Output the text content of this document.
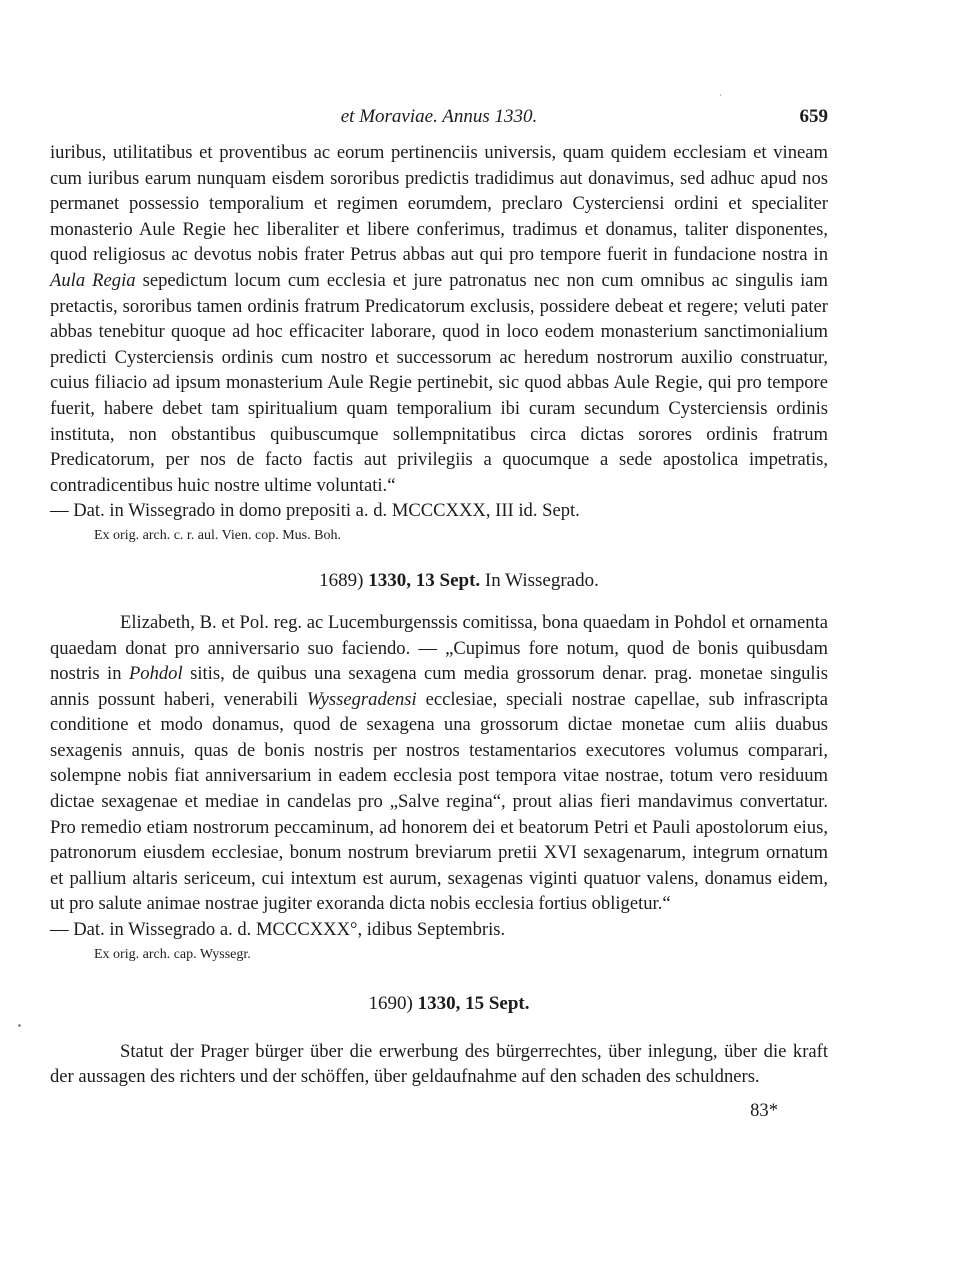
·
▪
et Moraviae. Annus 1330.	659

iuribus, utilitatibus et proventibus ac eorum pertinenciis universis, quam quidem ecclesiam et vineam cum iuribus earum nunquam eisdem sororibus predictis tradidimus aut donavimus, sed adhuc apud nos permanet possessio temporalium et regimen eorumdem, preclaro Cysterciensi ordini et specialiter monasterio Aule Regie hec liberaliter et libere conferimus, tradimus et donamus, taliter disponentes, quod religiosus ac devotus nobis frater Petrus abbas aut qui pro tempore fuerit in fundacione nostra in Aula Regia sepedictum locum cum ecclesia et jure patronatus nec non cum omnibus ac singulis iam pretactis, sororibus tamen ordinis fratrum Predicatorum exclusis, possidere debeat et regere; veluti pater abbas tenebitur quoque ad hoc efficaciter laborare, quod in loco eodem monasterium sanctimonialium predicti Cysterciensis ordinis cum nostro et successorum ac heredum nostrorum auxilio construatur, cuius filiacio ad ipsum monasterium Aule Regie pertinebit, sic quod abbas Aule Regie, qui pro tempore fuerit, habere debet tam spiritualium quam temporalium ibi curam secundum Cysterciensis ordinis instituta, non obstantibus quibuscumque sollempnitatibus circa dictas sorores ordinis fratrum Predicatorum, per nos de facto factis aut privilegiis a quocumque a sede apostolica impetratis, contradicentibus huic nostre ultime voluntati.“

— Dat. in Wissegrado in domo prepositi a. d. MCCCXXX, III id. Sept.

Ex orig. arch. c. r. aul. Vien. cop. Mus. Boh.

1689) 1330, 13 Sept. In Wissegrado.

Elizabeth, B. et Pol. reg. ac Lucemburgenssis comitissa, bona quaedam in Pohdol et ornamenta quaedam donat pro anniversario suo faciendo. — „Cupimus fore notum, quod de bonis quibusdam nostris in Pohdol sitis, de quibus una sexagena cum media grossorum denar. prag. monetae singulis annis possunt haberi, venerabili Wyssegradensi ecclesiae, speciali nostrae capellae, sub infrascripta conditione et modo donamus, quod de sexagena una grossorum dictae monetae cum aliis duabus sexagenis annuis, quas de bonis nostris per nostros testamentarios executores volumus comparari, solempne nobis fiat anniversarium in eadem ecclesia post tempora vitae nostrae, totum vero residuum dictae sexagenae et mediae in candelas pro „Salve regina“, prout alias fieri mandavimus convertatur. Pro remedio etiam nostrorum peccaminum, ad honorem dei et beatorum Petri et Pauli apostolorum eius, patronorum eiusdem ecclesiae, bonum nostrum breviarum pretii XVI sexagenarum, integrum ornatum et pallium altaris sericeum, cui intextum est aurum, sexagenas viginti quatuor valens, donamus eidem, ut pro salute animae nostrae jugiter exoranda dicta nobis ecclesia fortius obligetur.“

— Dat. in Wissegrado a. d. MCCCXXX°, idibus Septembris.

Ex orig. arch. cap. Wyssegr.

1690) 1330, 15 Sept.

Statut der Prager bürger über die erwerbung des bürgerrechtes, über inlegung, über die kraft der aussagen des richters und der schöffen, über geldaufnahme auf den schaden des schuldners.

83*
